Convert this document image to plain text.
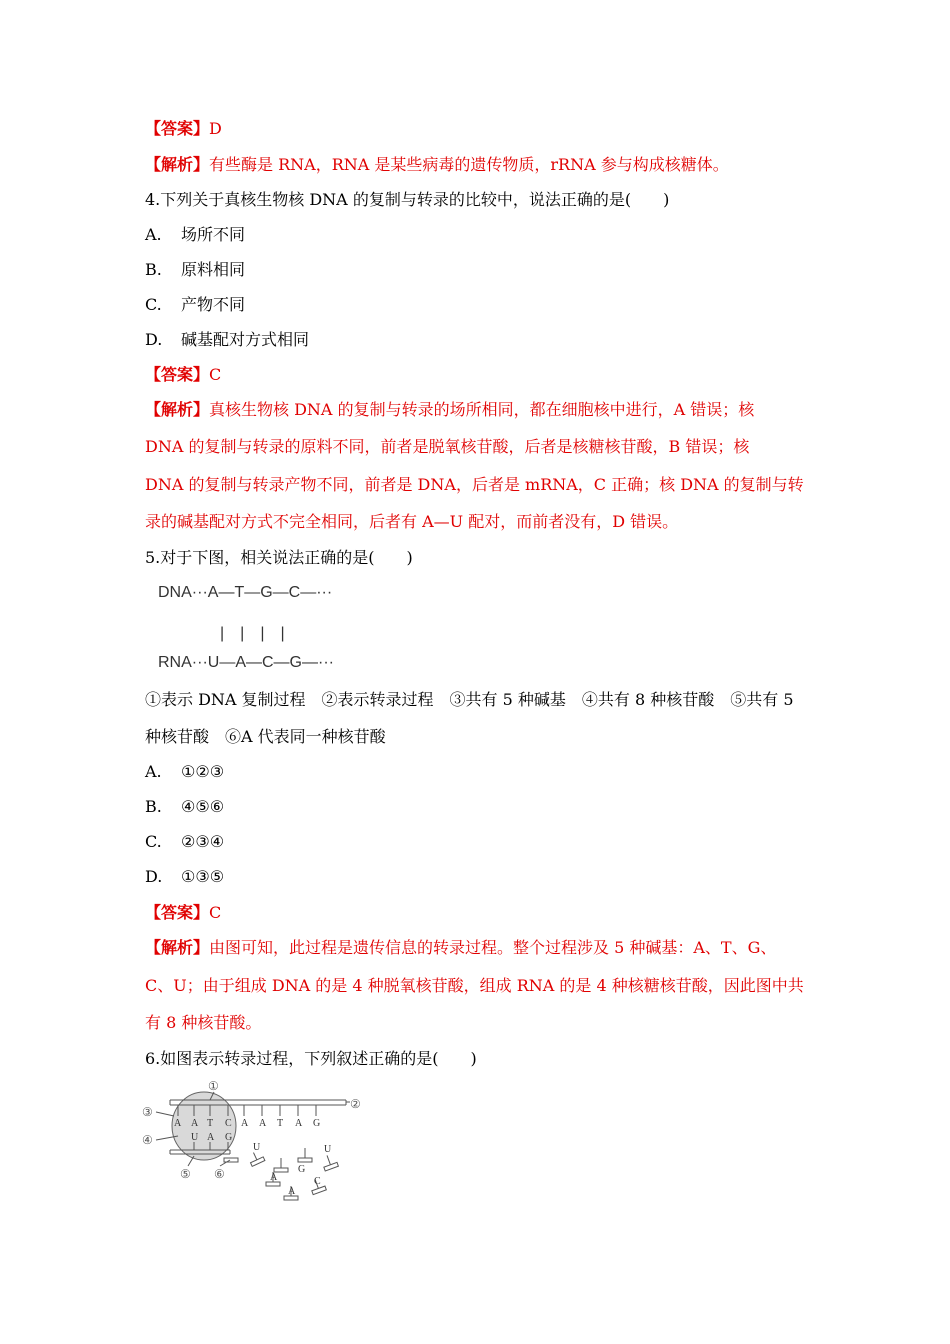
【答案】D
【解析】有些酶是 RNA，RNA 是某些病毒的遗传物质，rRNA 参与构成核糖体。
4.下列关于真核生物核 DNA 的复制与转录的比较中，说法正确的是(　　)
A. 场所不同
B. 原料相同
C. 产物不同
D. 碱基配对方式相同
【答案】C
【解析】真核生物核 DNA 的复制与转录的场所相同，都在细胞核中进行，A 错误；核
DNA 的复制与转录的原料不同，前者是脱氧核苷酸，后者是核糖核苷酸，B 错误；核
DNA 的复制与转录产物不同，前者是 DNA，后者是 mRNA，C 正确；核 DNA 的复制与转
录的碱基配对方式不完全相同，后者有 A—U 配对，而前者没有，D 错误。
5.对于下图，相关说法正确的是(　　)
DNA···A—T—G—C—···
|　|　|　|
RNA···U—A—C—G—···
①表示 DNA 复制过程　②表示转录过程　③共有 5 种碱基　④共有 8 种核苷酸　⑤共有 5
种核苷酸　⑥A 代表同一种核苷酸
A. ①②③
B. ④⑤⑥
C. ②③④
D. ①③⑤
【答案】C
【解析】由图可知，此过程是遗传信息的转录过程。整个过程涉及 5 种碱基：A、T、G、
C、U；由于组成 DNA 的是 4 种脱氧核苷酸，组成 RNA 的是 4 种核糖核苷酸，因此图中共
有 8 种核苷酸。
6.如图表示转录过程，下列叙述正确的是(　　)
A A T C A A T A G
U A G
U
A
G
U
A
C
①
②
③
④
⑤ ⑥
